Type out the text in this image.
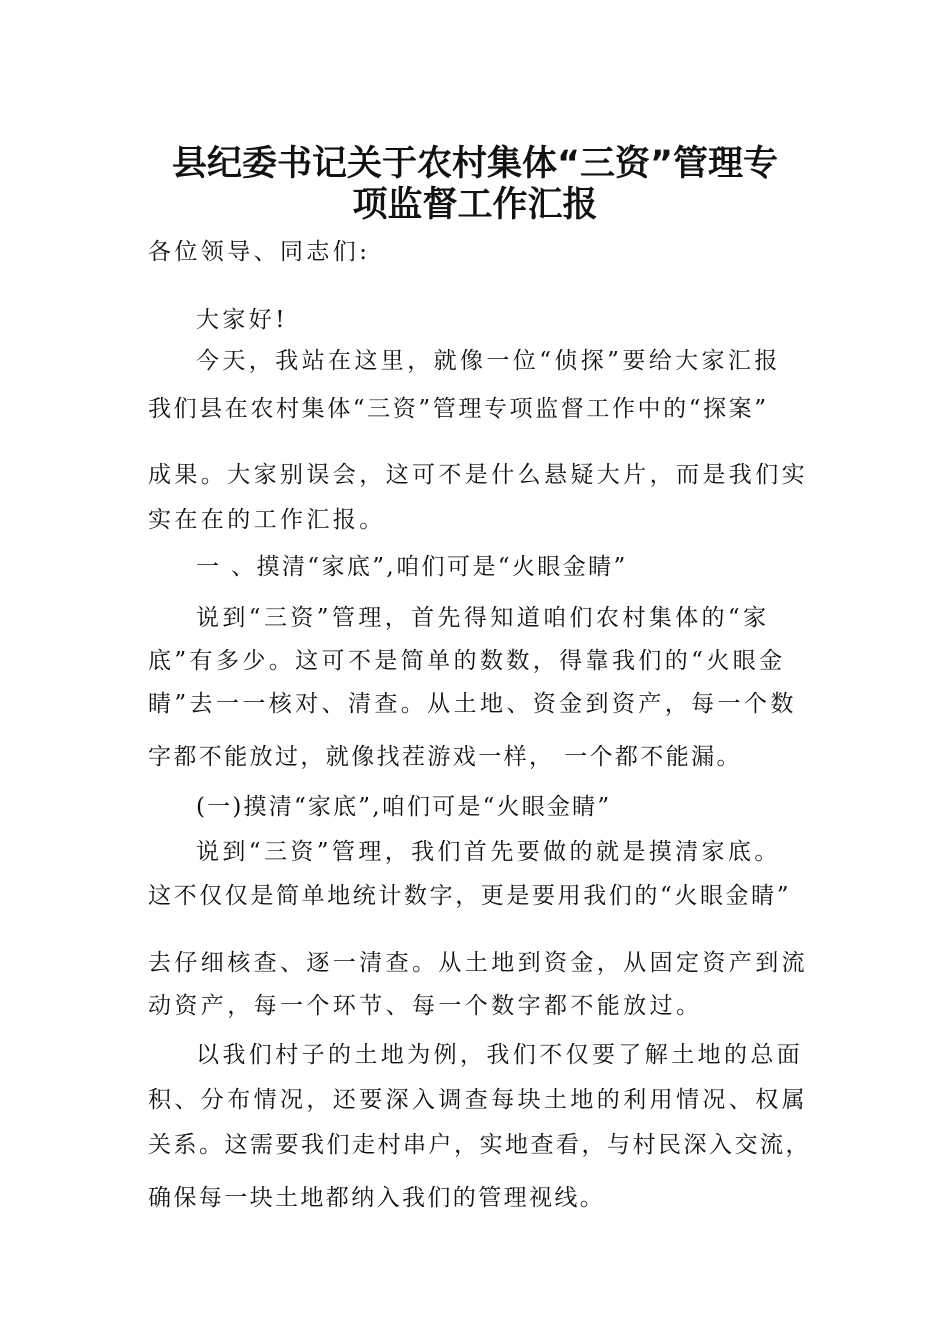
县纪委书记关于农村集体“三资”管理专
项监督工作汇报

各位领导、同志们:

大家好!

今天，我站在这里，就像一位“侦探”要给大家汇报

我们县在农村集体“三资”管理专项监督工作中的“探案”

成果。大家别误会，这可不是什么悬疑大片，而是我们实

实在在的工作汇报。

一 、摸清“家底”,咱们可是“火眼金睛”

说到“三资”管理，首先得知道咱们农村集体的“家

底”有多少。这可不是简单的数数，得靠我们的“火眼金

睛”去一一核对、清查。从土地、资金到资产，每一个数

字都不能放过，就像找茬游戏一样， 一个都不能漏。

(一)摸清“家底”,咱们可是“火眼金睛”

说到“三资”管理，我们首先要做的就是摸清家底。

这不仅仅是简单地统计数字，更是要用我们的“火眼金睛”

去仔细核查、逐一清查。从土地到资金，从固定资产到流

动资产，每一个环节、每一个数字都不能放过。

以我们村子的土地为例，我们不仅要了解土地的总面

积、分布情况，还要深入调查每块土地的利用情况、权属

关系。这需要我们走村串户，实地查看，与村民深入交流，

确保每一块土地都纳入我们的管理视线。
